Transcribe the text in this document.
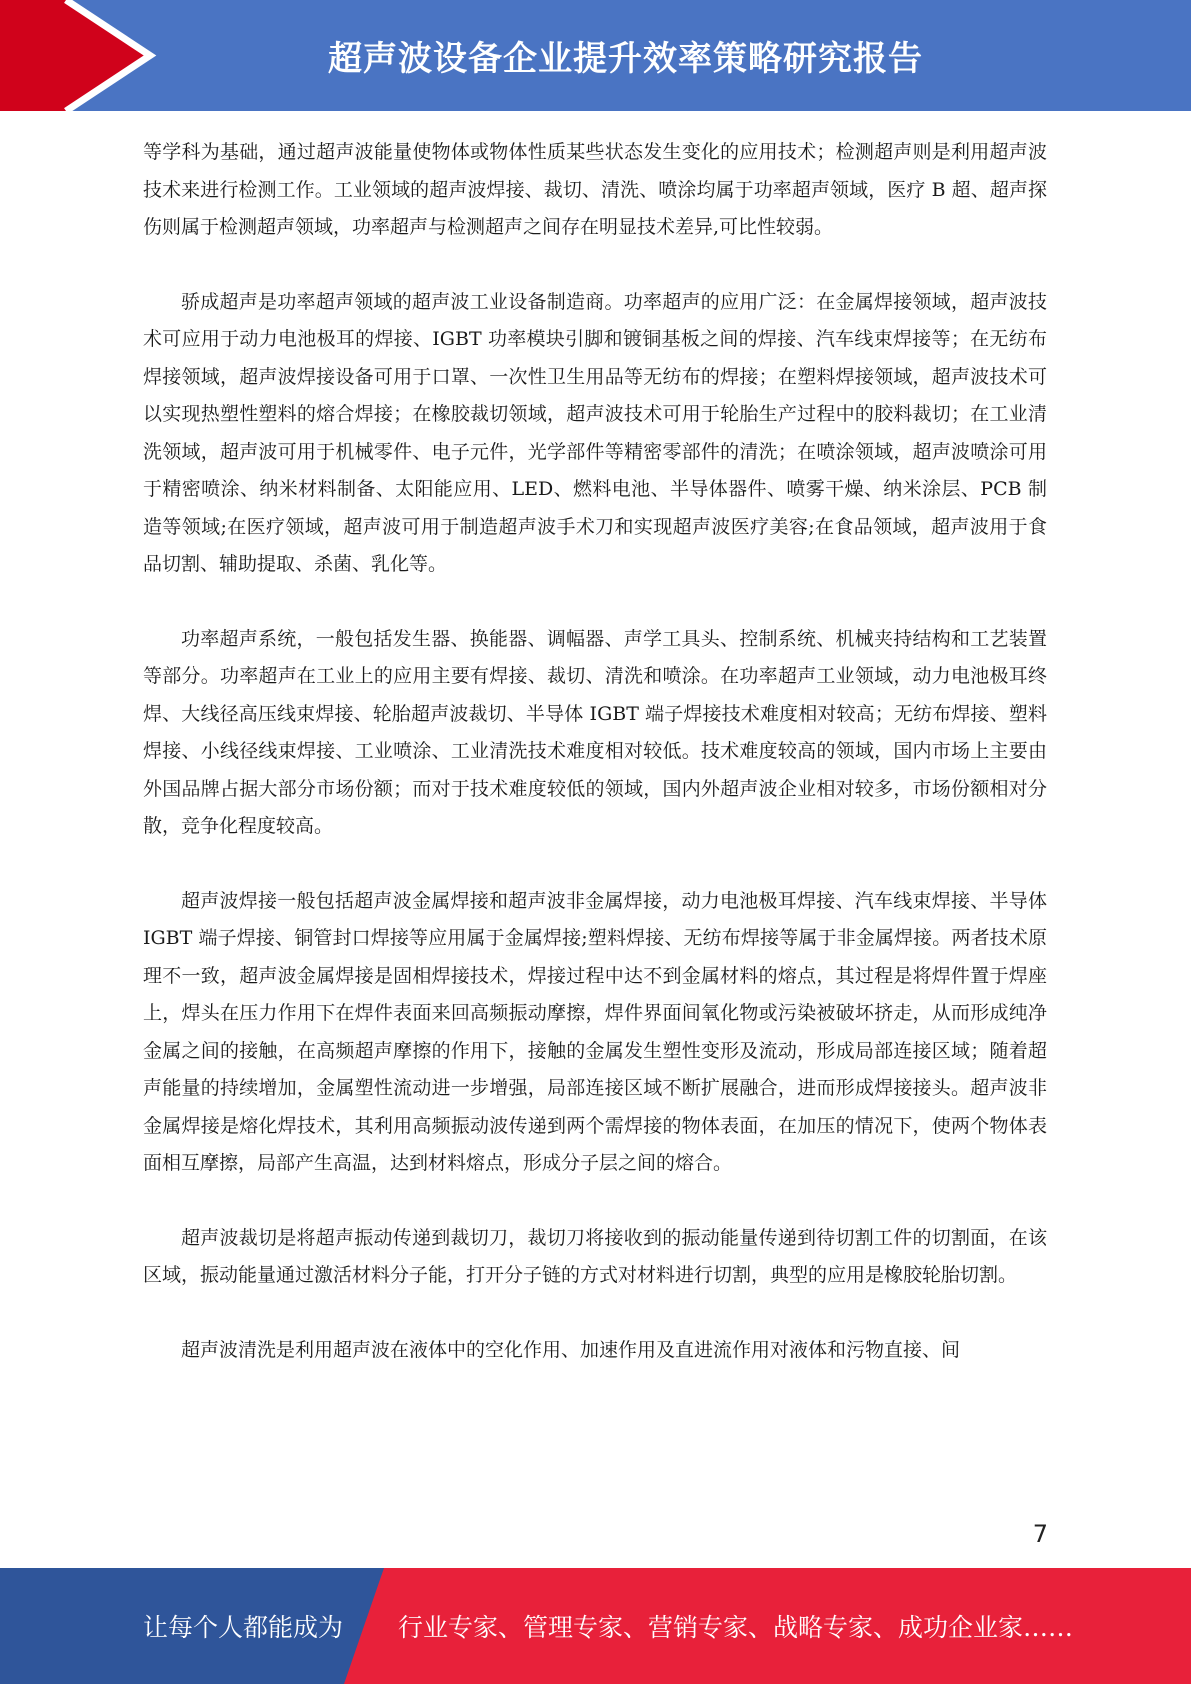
超声波设备企业提升效率策略研究报告

等学科为基础，通过超声波能量使物体或物体性质某些状态发生变化的应用技术；检测超声则是利用超声波技术来进行检测工作。工业领域的超声波焊接、裁切、清洗、喷涂均属于功率超声领域，医疗 B 超、超声探伤则属于检测超声领域，功率超声与检测超声之间存在明显技术差异,可比性较弱。

骄成超声是功率超声领域的超声波工业设备制造商。功率超声的应用广泛：在金属焊接领域，超声波技术可应用于动力电池极耳的焊接、IGBT 功率模块引脚和镀铜基板之间的焊接、汽车线束焊接等；在无纺布焊接领域，超声波焊接设备可用于口罩、一次性卫生用品等无纺布的焊接；在塑料焊接领域，超声波技术可以实现热塑性塑料的熔合焊接；在橡胶裁切领域，超声波技术可用于轮胎生产过程中的胶料裁切；在工业清洗领域，超声波可用于机械零件、电子元件，光学部件等精密零部件的清洗；在喷涂领域，超声波喷涂可用于精密喷涂、纳米材料制备、太阳能应用、LED、燃料电池、半导体器件、喷雾干燥、纳米涂层、PCB 制造等领域;在医疗领域，超声波可用于制造超声波手术刀和实现超声波医疗美容;在食品领域，超声波用于食品切割、辅助提取、杀菌、乳化等。

功率超声系统，一般包括发生器、换能器、调幅器、声学工具头、控制系统、机械夹持结构和工艺装置等部分。功率超声在工业上的应用主要有焊接、裁切、清洗和喷涂。在功率超声工业领域，动力电池极耳终焊、大线径高压线束焊接、轮胎超声波裁切、半导体 IGBT 端子焊接技术难度相对较高；无纺布焊接、塑料焊接、小线径线束焊接、工业喷涂、工业清洗技术难度相对较低。技术难度较高的领域，国内市场上主要由外国品牌占据大部分市场份额；而对于技术难度较低的领域，国内外超声波企业相对较多，市场份额相对分散，竞争化程度较高。

超声波焊接一般包括超声波金属焊接和超声波非金属焊接，动力电池极耳焊接、汽车线束焊接、半导体 IGBT 端子焊接、铜管封口焊接等应用属于金属焊接;塑料焊接、无纺布焊接等属于非金属焊接。两者技术原理不一致，超声波金属焊接是固相焊接技术，焊接过程中达不到金属材料的熔点，其过程是将焊件置于焊座上，焊头在压力作用下在焊件表面来回高频振动摩擦，焊件界面间氧化物或污染被破坏挤走，从而形成纯净金属之间的接触，在高频超声摩擦的作用下，接触的金属发生塑性变形及流动，形成局部连接区域；随着超声能量的持续增加，金属塑性流动进一步增强，局部连接区域不断扩展融合，进而形成焊接接头。超声波非金属焊接是熔化焊技术，其利用高频振动波传递到两个需焊接的物体表面，在加压的情况下，使两个物体表面相互摩擦，局部产生高温，达到材料熔点，形成分子层之间的熔合。

超声波裁切是将超声振动传递到裁切刀，裁切刀将接收到的振动能量传递到待切割工件的切割面，在该区域，振动能量通过激活材料分子能，打开分子链的方式对材料进行切割，典型的应用是橡胶轮胎切割。

超声波清洗是利用超声波在液体中的空化作用、加速作用及直进流作用对液体和污物直接、间

7
让每个人都能成为 行业专家、管理专家、营销专家、战略专家、成功企业家……
